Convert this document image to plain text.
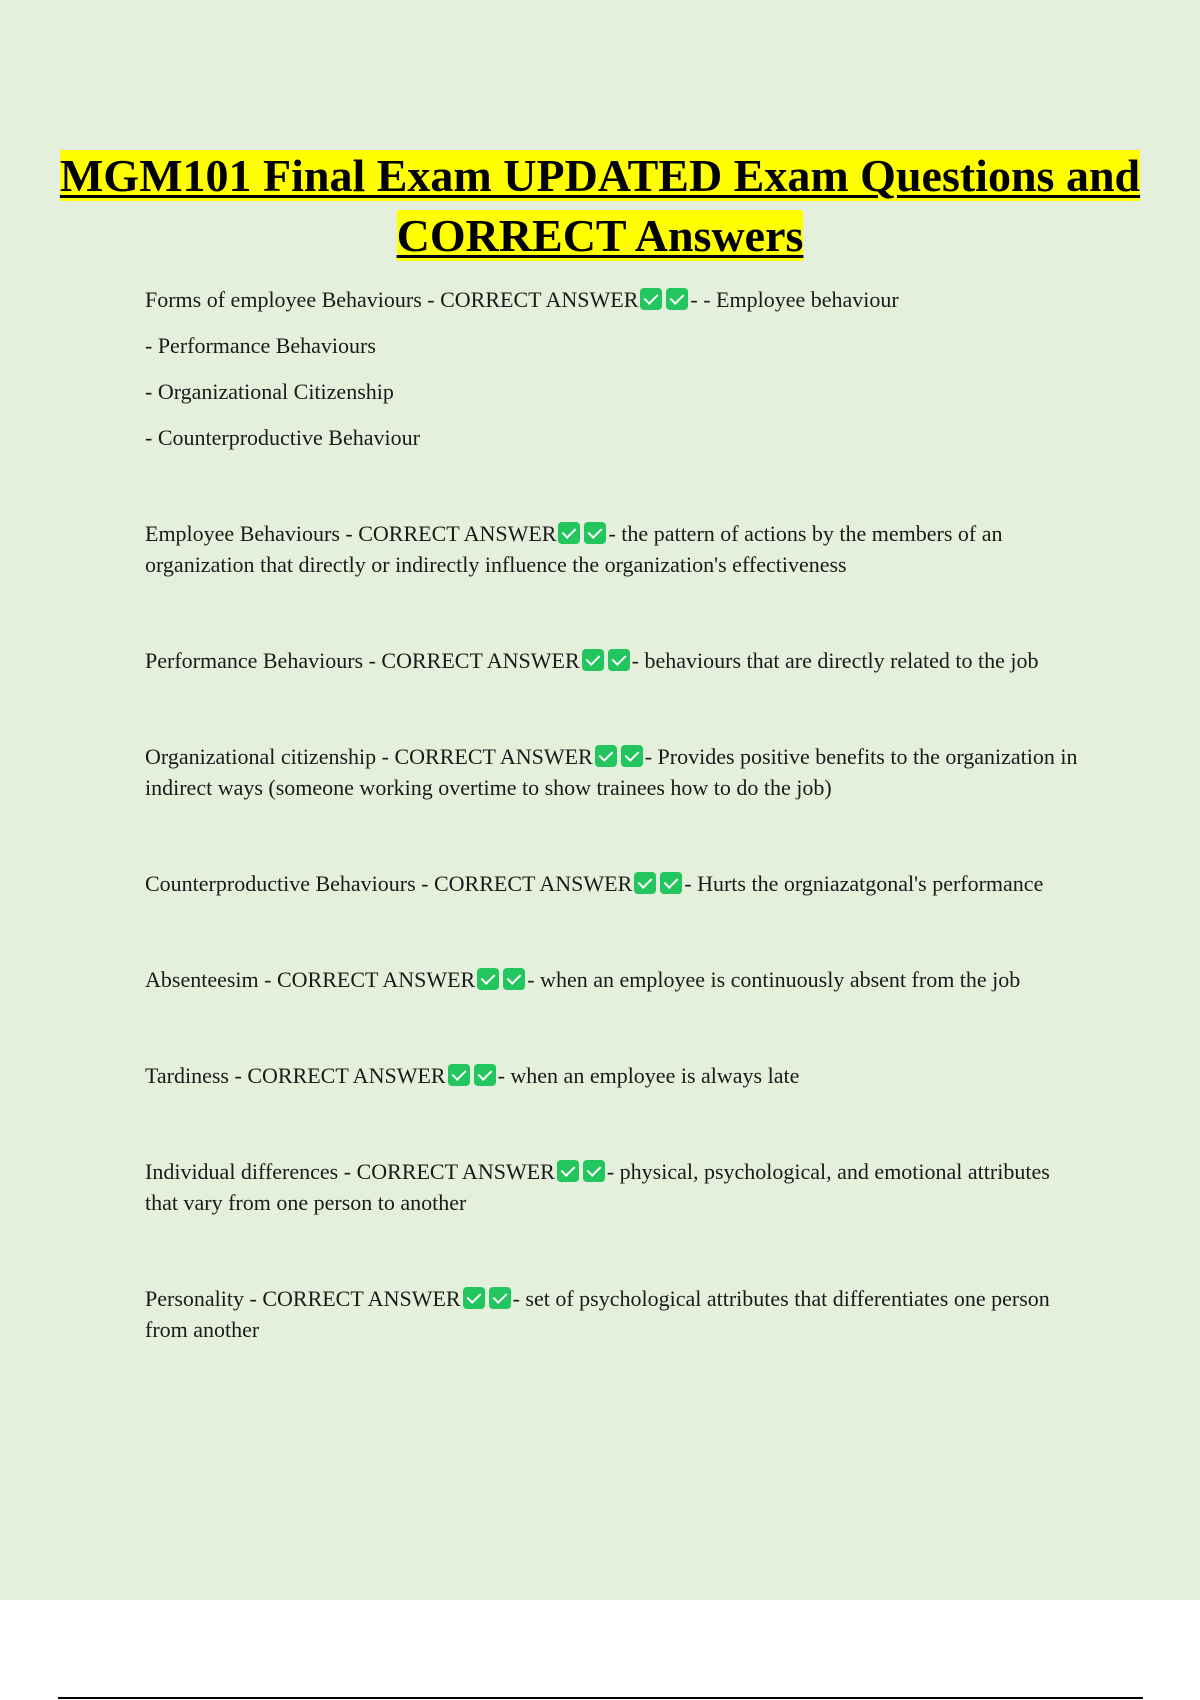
MGM101 Final Exam UPDATED Exam Questions and CORRECT Answers

Forms of employee Behaviours - CORRECT ANSWER - - Employee behaviour

- Performance Behaviours

- Organizational Citizenship

- Counterproductive Behaviour

Employee Behaviours - CORRECT ANSWER - the pattern of actions by the members of an organization that directly or indirectly influence the organization's effectiveness

Performance Behaviours - CORRECT ANSWER - behaviours that are directly related to the job

Organizational citizenship - CORRECT ANSWER - Provides positive benefits to the organization in indirect ways (someone working overtime to show trainees how to do the job)

Counterproductive Behaviours - CORRECT ANSWER - Hurts the orgniazatgonal's performance

Absenteesim - CORRECT ANSWER - when an employee is continuously absent from the job

Tardiness - CORRECT ANSWER - when an employee is always late

Individual differences - CORRECT ANSWER - physical, psychological, and emotional attributes that vary from one person to another

Personality - CORRECT ANSWER - set of psychological attributes that differentiates one person from another
